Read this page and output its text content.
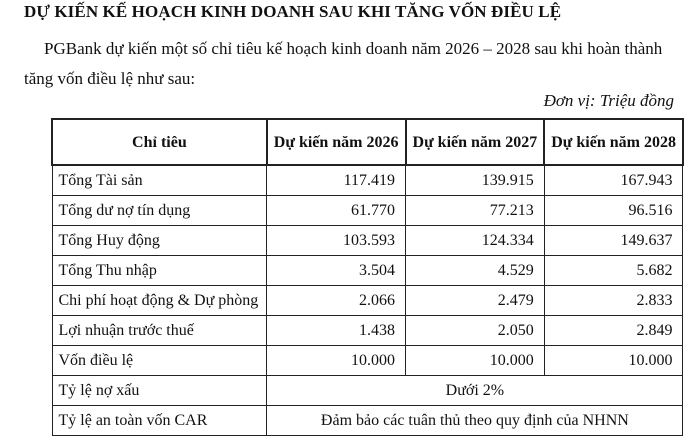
DỰ KIẾN KẾ HOẠCH KINH DOANH SAU KHI TĂNG VỐN ĐIỀU LỆ
PGBank dự kiến một số chỉ tiêu kế hoạch kinh doanh năm 2026 – 2028 sau khi hoàn thành
tăng vốn điều lệ như sau:
Đơn vị: Triệu đồng
Chỉ tiêu	Dự kiến năm 2026	Dự kiến năm 2027	Dự kiến năm 2028
Tổng Tài sản	117.419	139.915	167.943
Tổng dư nợ tín dụng	61.770	77.213	96.516
Tổng Huy động	103.593	124.334	149.637
Tổng Thu nhập	3.504	4.529	5.682
Chi phí hoạt động & Dự phòng	2.066	2.479	2.833
Lợi nhuận trước thuế	1.438	2.050	2.849
Vốn điều lệ	10.000	10.000	10.000
Tỷ lệ nợ xấu	Dưới 2%		
Tỷ lệ an toàn vốn CAR	Đảm bảo các tuân thủ theo quy định của NHNN		
